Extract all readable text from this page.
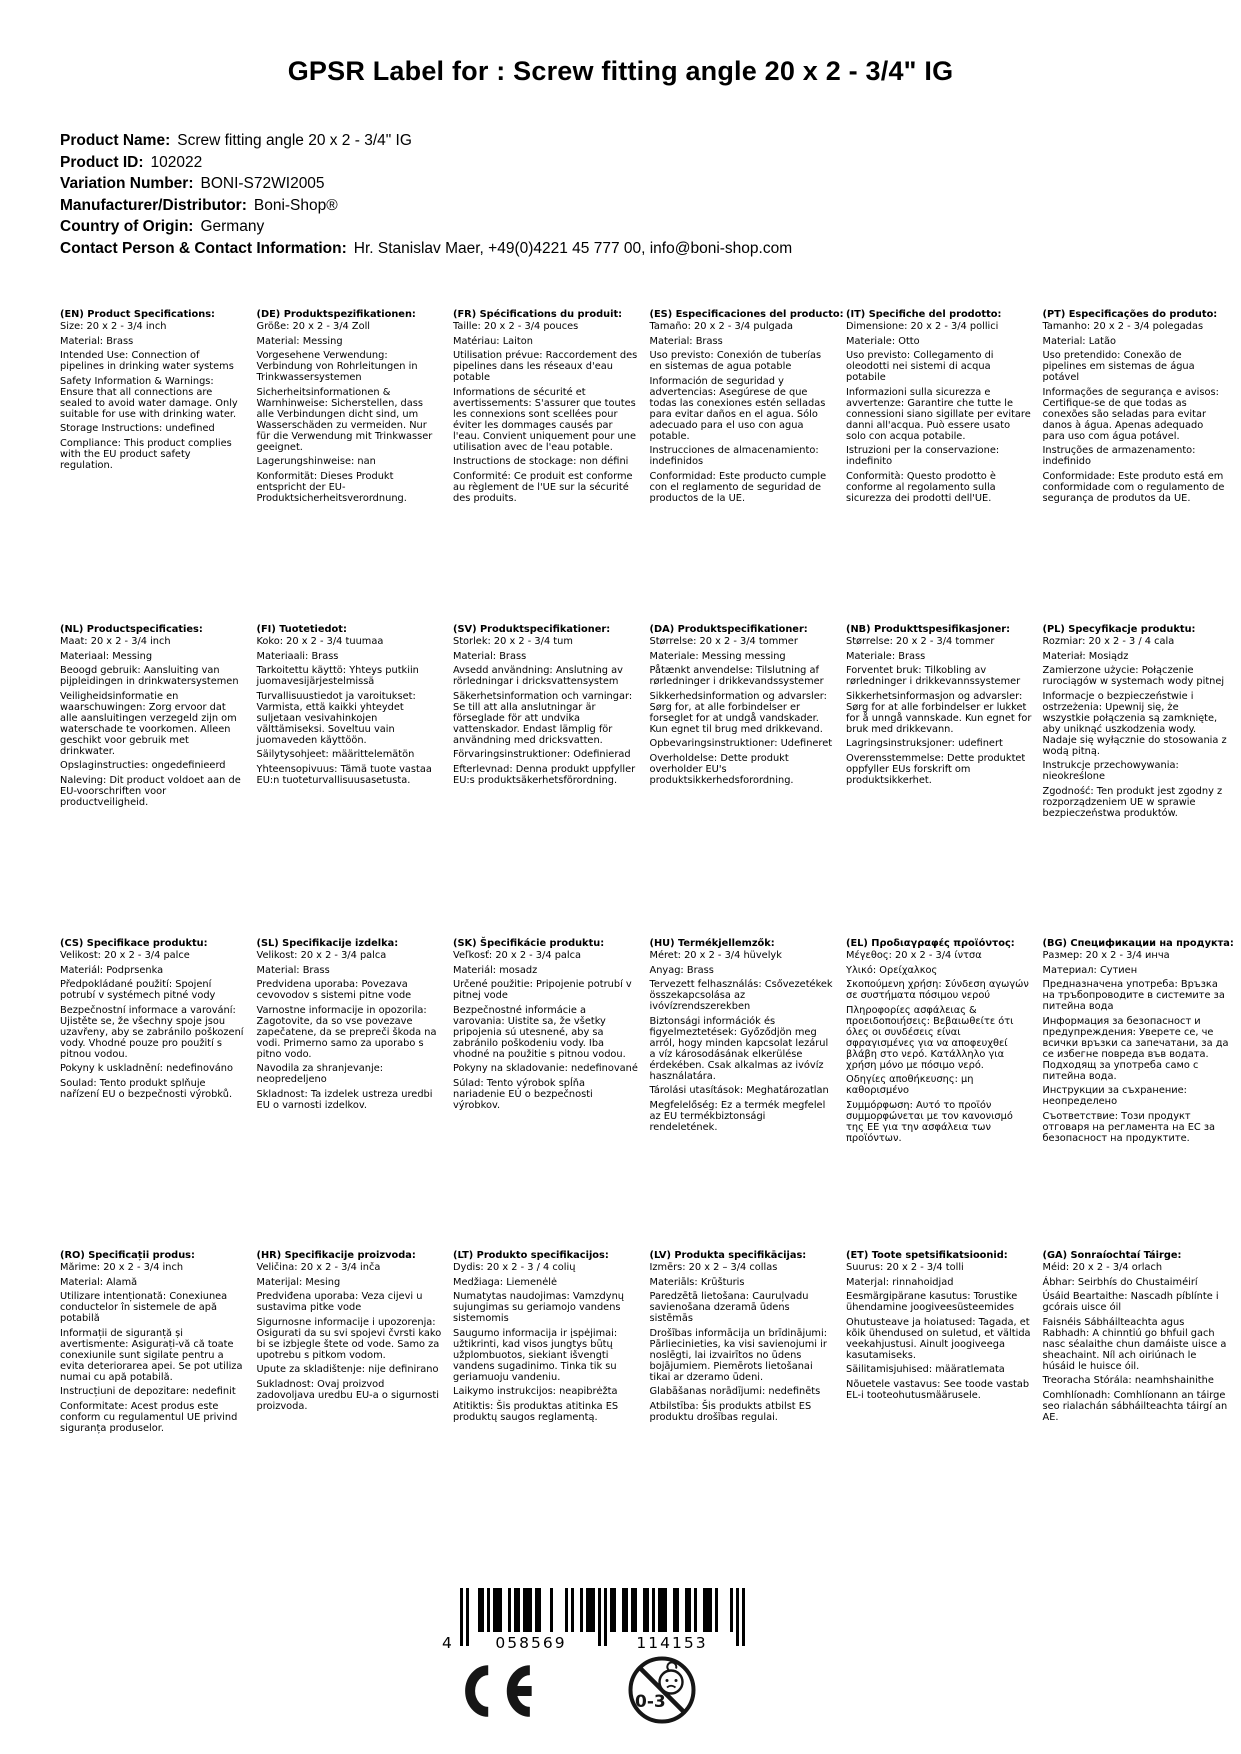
GPSR Label for : Screw fitting angle 20 x 2 - 3/4" IG
Product Name: Screw fitting angle 20 x 2 - 3/4" IG
Product ID: 102022
Variation Number: BONI-S72WI2005
Manufacturer/Distributor: Boni-Shop®
Country of Origin: Germany
Contact Person & Contact Information: Hr. Stanislav Maer, +49(0)4221 45 777 00, info@boni-shop.com
(EN) Product Specifications:

Size: 20 x 2 - 3/4 inch

Material: Brass

Intended Use: Connection of pipelines in drinking water systems

Safety Information & Warnings: Ensure that all connections are sealed to avoid water damage. Only suitable for use with drinking water.

Storage Instructions: undefined

Compliance: This product complies with the EU product safety regulation.

(DE) Produktspezifikationen:

Größe: 20 x 2 - 3/4 Zoll

Material: Messing

Vorgesehene Verwendung: Verbindung von Rohrleitungen in Trinkwassersystemen

Sicherheitsinformationen & Warnhinweise: Sicherstellen, dass alle Verbindungen dicht sind, um Wasserschäden zu vermeiden. Nur für die Verwendung mit Trinkwasser geeignet.

Lagerungshinweise: nan

Konformität: Dieses Produkt entspricht der EU-Produktsicherheitsverordnung.

(FR) Spécifications du produit:

Taille: 20 x 2 - 3/4 pouces

Matériau: Laiton

Utilisation prévue: Raccordement des pipelines dans les réseaux d'eau potable

Informations de sécurité et avertissements: S'assurer que toutes les connexions sont scellées pour éviter les dommages causés par l'eau. Convient uniquement pour une utilisation avec de l'eau potable.

Instructions de stockage: non défini

Conformité: Ce produit est conforme au règlement de l'UE sur la sécurité des produits.

(ES) Especificaciones del producto:

Tamaño: 20 x 2 - 3/4 pulgada

Material: Brass

Uso previsto: Conexión de tuberías en sistemas de agua potable

Información de seguridad y advertencias: Asegúrese de que todas las conexiones estén selladas para evitar daños en el agua. Sólo adecuado para el uso con agua potable.

Instrucciones de almacenamiento: indefinidos

Conformidad: Este producto cumple con el reglamento de seguridad de productos de la UE.

(IT) Specifiche del prodotto:

Dimensione: 20 x 2 - 3/4 pollici

Materiale: Otto

Uso previsto: Collegamento di oleodotti nei sistemi di acqua potabile

Informazioni sulla sicurezza e avvertenze: Garantire che tutte le connessioni siano sigillate per evitare danni all'acqua. Può essere usato solo con acqua potabile.

Istruzioni per la conservazione: indefinito

Conformità: Questo prodotto è conforme al regolamento sulla sicurezza dei prodotti dell'UE.

(PT) Especificações do produto:

Tamanho: 20 x 2 - 3/4 polegadas

Material: Latão

Uso pretendido: Conexão de pipelines em sistemas de água potável

Informações de segurança e avisos: Certifique-se de que todas as conexões são seladas para evitar danos à água. Apenas adequado para uso com água potável.

Instruções de armazenamento: indefinido

Conformidade: Este produto está em conformidade com o regulamento de segurança de produtos da UE.

(NL) Productspecificaties:

Maat: 20 x 2 - 3/4 inch

Materiaal: Messing

Beoogd gebruik: Aansluiting van pijpleidingen in drinkwatersystemen

Veiligheidsinformatie en waarschuwingen: Zorg ervoor dat alle aansluitingen verzegeld zijn om waterschade te voorkomen. Alleen geschikt voor gebruik met drinkwater.

Opslaginstructies: ongedefinieerd

Naleving: Dit product voldoet aan de EU-voorschriften voor productveiligheid.

(FI) Tuotetiedot:

Koko: 20 x 2 - 3/4 tuumaa

Materiaali: Brass

Tarkoitettu käyttö: Yhteys putkiin juomavesijärjestelmissä

Turvallisuustiedot ja varoitukset: Varmista, että kaikki yhteydet suljetaan vesivahinkojen välttämiseksi. Soveltuu vain juomaveden käyttöön.

Säilytysohjeet: määrittelemätön

Yhteensopivuus: Tämä tuote vastaa EU:n tuoteturvallisuusasetusta.

(SV) Produktspecifikationer:

Storlek: 20 x 2 - 3/4 tum

Material: Brass

Avsedd användning: Anslutning av rörledningar i dricksvattensystem

Säkerhetsinformation och varningar: Se till att alla anslutningar är förseglade för att undvika vattenskador. Endast lämplig för användning med dricksvatten.

Förvaringsinstruktioner: Odefinierad

Efterlevnad: Denna produkt uppfyller EU:s produktsäkerhetsförordning.

(DA) Produktspecifikationer:

Størrelse: 20 x 2 - 3/4 tommer

Materiale: Messing messing

Påtænkt anvendelse: Tilslutning af rørledninger i drikkevandssystemer

Sikkerhedsinformation og advarsler: Sørg for, at alle forbindelser er forseglet for at undgå vandskader. Kun egnet til brug med drikkevand.

Opbevaringsinstruktioner: Udefineret

Overholdelse: Dette produkt overholder EU's produktsikkerhedsforordning.

(NB) Produkttspesifikasjoner:

Størrelse: 20 x 2 - 3/4 tommer

Materiale: Brass

Forventet bruk: Tilkobling av rørledninger i drikkevannssystemer

Sikkerhetsinformasjon og advarsler: Sørg for at alle forbindelser er lukket for å unngå vannskade. Kun egnet for bruk med drikkevann.

Lagringsinstruksjoner: udefinert

Overensstemmelse: Dette produktet oppfyller EUs forskrift om produktsikkerhet.

(PL) Specyfikacje produktu:

Rozmiar: 20 x 2 - 3 / 4 cala

Materiał: Mosiądz

Zamierzone użycie: Połączenie rurociągów w systemach wody pitnej

Informacje o bezpieczeństwie i ostrzeżenia: Upewnij się, że wszystkie połączenia są zamknięte, aby uniknąć uszkodzenia wody. Nadaje się wyłącznie do stosowania z wodą pitną.

Instrukcje przechowywania: nieokreślone

Zgodność: Ten produkt jest zgodny z rozporządzeniem UE w sprawie bezpieczeństwa produktów.

(CS) Specifikace produktu:

Velikost: 20 x 2 - 3/4 palce

Materiál: Podprsenka

Předpokládané použití: Spojení potrubí v systémech pitné vody

Bezpečnostní informace a varování: Ujistěte se, že všechny spoje jsou uzavřeny, aby se zabránilo poškození vody. Vhodné pouze pro použití s pitnou vodou.

Pokyny k uskladnění: nedefinováno

Soulad: Tento produkt splňuje nařízení EU o bezpečnosti výrobků.

(SL) Specifikacije izdelka:

Velikost: 20 x 2 - 3/4 palca

Material: Brass

Predvidena uporaba: Povezava cevovodov s sistemi pitne vode

Varnostne informacije in opozorila: Zagotovite, da so vse povezave zapečatene, da se prepreči škoda na vodi. Primerno samo za uporabo s pitno vodo.

Navodila za shranjevanje: neopredeljeno

Skladnost: Ta izdelek ustreza uredbi EU o varnosti izdelkov.

(SK) Špecifikácie produktu:

Veľkosť: 20 x 2 - 3/4 palca

Materiál: mosadz

Určené použitie: Pripojenie potrubí v pitnej vode

Bezpečnostné informácie a varovania: Uistite sa, že všetky pripojenia sú utesnené, aby sa zabránilo poškodeniu vody. Iba vhodné na použitie s pitnou vodou.

Pokyny na skladovanie: nedefinované

Súlad: Tento výrobok spĺňa nariadenie EÚ o bezpečnosti výrobkov.

(HU) Termékjellemzők:

Méret: 20 x 2 - 3/4 hüvelyk

Anyag: Brass

Tervezett felhasználás: Csővezetékek összekapcsolása az ivóvízrendszerekben

Biztonsági információk és figyelmeztetések: Győződjön meg arról, hogy minden kapcsolat lezárul a víz károsodásának elkerülése érdekében. Csak alkalmas az ivóvíz használatára.

Tárolási utasítások: Meghatározatlan

Megfelelőség: Ez a termék megfelel az EU termékbiztonsági rendeletének.

(EL) Προδιαγραφές προϊόντος:

Μέγεθος: 20 x 2 - 3/4 ίντσα

Υλικό: Ορείχαλκος

Σκοπούμενη χρήση: Σύνδεση αγωγών σε συστήματα πόσιμου νερού

Πληροφορίες ασφάλειας & προειδοποιήσεις: Βεβαιωθείτε ότι όλες οι συνδέσεις είναι σφραγισμένες για να αποφευχθεί βλάβη στο νερό. Κατάλληλο για χρήση μόνο με πόσιμο νερό.

Οδηγίες αποθήκευσης: μη καθορισμένο

Συμμόρφωση: Αυτό το προϊόν συμμορφώνεται με τον κανονισμό της ΕΕ για την ασφάλεια των προϊόντων.

(BG) Спецификации на продукта:

Размер: 20 x 2 - 3/4 инча

Материал: Сутиен

Предназначена употреба: Връзка на тръбопроводите в системите за питейна вода

Информация за безопасност и предупреждения: Уверете се, че всички връзки са запечатани, за да се избегне повреда във водата. Подходящ за употреба само с питейна вода.

Инструкции за съхранение: неопределено

Съответствие: Този продукт отговаря на регламента на ЕС за безопасност на продуктите.

(RO) Specificații produs:

Mărime: 20 x 2 - 3/4 inch

Material: Alamă

Utilizare intenționată: Conexiunea conductelor în sistemele de apă potabilă

Informații de siguranță și avertismente: Asigurați-vă că toate conexiunile sunt sigilate pentru a evita deteriorarea apei. Se pot utiliza numai cu apă potabilă.

Instrucțiuni de depozitare: nedefinit

Conformitate: Acest produs este conform cu regulamentul UE privind siguranța produselor.

(HR) Specifikacije proizvoda:

Veličina: 20 x 2 - 3/4 inča

Materijal: Mesing

Predviđena uporaba: Veza cijevi u sustavima pitke vode

Sigurnosne informacije i upozorenja: Osigurati da su svi spojevi čvrsti kako bi se izbjegle štete od vode. Samo za upotrebu s pitkom vodom.

Upute za skladištenje: nije definirano

Sukladnost: Ovaj proizvod zadovoljava uredbu EU-a o sigurnosti proizvoda.

(LT) Produkto specifikacijos:

Dydis: 20 x 2 - 3 / 4 colių

Medžiaga: Liemenėlė

Numatytas naudojimas: Vamzdynų sujungimas su geriamojo vandens sistemomis

Saugumo informacija ir įspėjimai: užtikrinti, kad visos jungtys būtų užplombuotos, siekiant išvengti vandens sugadinimo. Tinka tik su geriamuoju vandeniu.

Laikymo instrukcijos: neapibrėžta

Atitiktis: Šis produktas atitinka ES produktų saugos reglamentą.

(LV) Produkta specifikācijas:

Izmērs: 20 x 2 – 3/4 collas

Materiāls: Krūšturis

Paredzētā lietošana: Cauruļvadu savienošana dzeramā ūdens sistēmās

Drošības informācija un brīdinājumi: Pārliecinieties, ka visi savienojumi ir noslēgti, lai izvairītos no ūdens bojājumiem. Piemērots lietošanai tikai ar dzeramo ūdeni.

Glabāšanas norādījumi: nedefinēts

Atbilstība: Šis produkts atbilst ES produktu drošības regulai.

(ET) Toote spetsifikatsioonid:

Suurus: 20 x 2 - 3/4 tolli

Materjal: rinnahoidjad

Eesmärgipärane kasutus: Torustike ühendamine joogiveesüsteemides

Ohutusteave ja hoiatused: Tagada, et kõik ühendused on suletud, et vältida veekahjustusi. Ainult joogiveega kasutamiseks.

Säilitamisjuhised: määratlemata

Nõuetele vastavus: See toode vastab EL-i tooteohutusmäärusele.

(GA) Sonraíochtaí Táirge:

Méid: 20 x 2 - 3/4 orlach

Ábhar: Seirbhís do Chustaiméirí

Úsáid Beartaithe: Nascadh píblínte i gcórais uisce óil

Faisnéis Sábháilteachta agus Rabhadh: A chinntiú go bhfuil gach nasc séalaithe chun damáiste uisce a sheachaint. Níl ach oiriúnach le húsáid le huisce óil.

Treoracha Stórála: neamhshainithe

Comhlíonadh: Comhlíonann an táirge seo rialachán sábháilteachta táirgí an AE.

4	058569	114153
0-3
